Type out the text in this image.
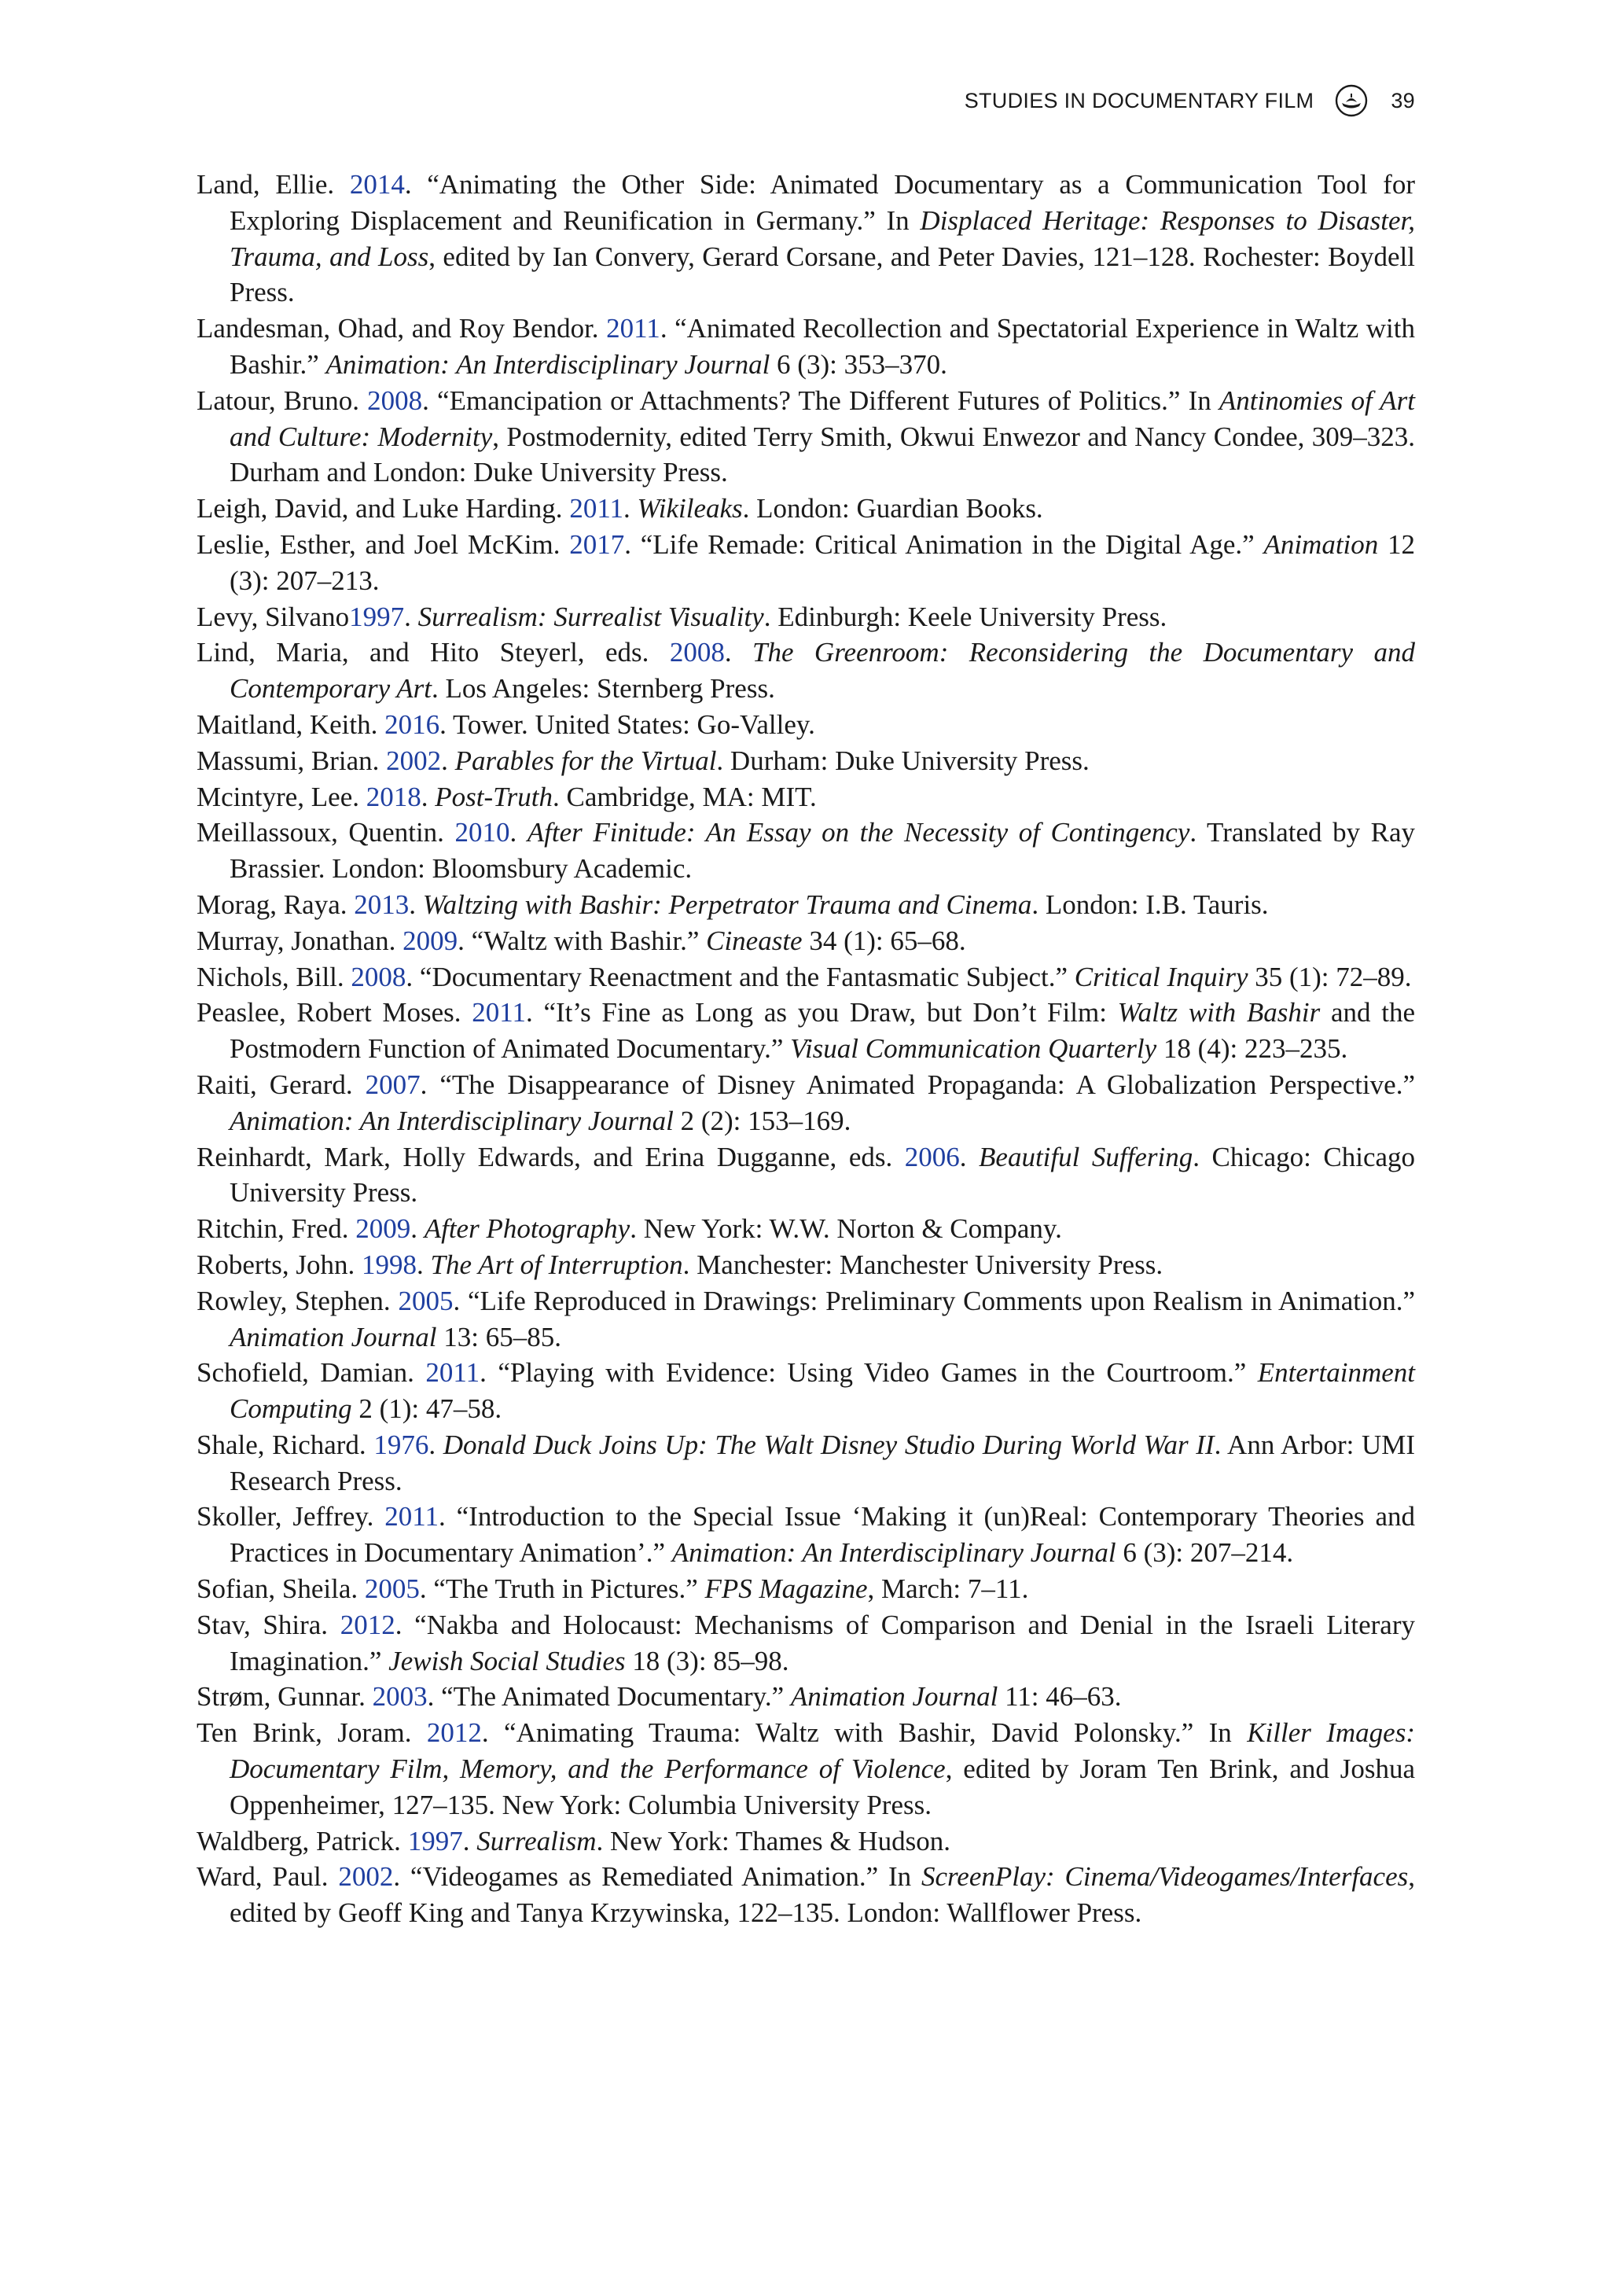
STUDIES IN DOCUMENTARY FILM	39
Land, Ellie. 2014. “Animating the Other Side: Animated Documentary as a Communication Tool for Exploring Displacement and Reunification in Germany.” In Displaced Heritage: Responses to Disaster, Trauma, and Loss, edited by Ian Convery, Gerard Corsane, and Peter Davies, 121–128. Rochester: Boydell Press.
Landesman, Ohad, and Roy Bendor. 2011. “Animated Recollection and Spectatorial Experience in Waltz with Bashir.” Animation: An Interdisciplinary Journal 6 (3): 353–370.
Latour, Bruno. 2008. “Emancipation or Attachments? The Different Futures of Politics.” In Antinomies of Art and Culture: Modernity, Postmodernity, edited Terry Smith, Okwui Enwezor and Nancy Condee, 309–323. Durham and London: Duke University Press.
Leigh, David, and Luke Harding. 2011. Wikileaks. London: Guardian Books.
Leslie, Esther, and Joel McKim. 2017. “Life Remade: Critical Animation in the Digital Age.” Animation 12 (3): 207–213.
Levy, Silvano1997. Surrealism: Surrealist Visuality. Edinburgh: Keele University Press.
Lind, Maria, and Hito Steyerl, eds. 2008. The Greenroom: Reconsidering the Documentary and Contemporary Art. Los Angeles: Sternberg Press.
Maitland, Keith. 2016. Tower. United States: Go-Valley.
Massumi, Brian. 2002. Parables for the Virtual. Durham: Duke University Press.
Mcintyre, Lee. 2018. Post-Truth. Cambridge, MA: MIT.
Meillassoux, Quentin. 2010. After Finitude: An Essay on the Necessity of Contingency. Translated by Ray Brassier. London: Bloomsbury Academic.
Morag, Raya. 2013. Waltzing with Bashir: Perpetrator Trauma and Cinema. London: I.B. Tauris.
Murray, Jonathan. 2009. “Waltz with Bashir.” Cineaste 34 (1): 65–68.
Nichols, Bill. 2008. “Documentary Reenactment and the Fantasmatic Subject.” Critical Inquiry 35 (1): 72–89.
Peaslee, Robert Moses. 2011. “It’s Fine as Long as you Draw, but Don’t Film: Waltz with Bashir and the Postmodern Function of Animated Documentary.” Visual Communication Quarterly 18 (4): 223–235.
Raiti, Gerard. 2007. “The Disappearance of Disney Animated Propaganda: A Globalization Perspective.” Animation: An Interdisciplinary Journal 2 (2): 153–169.
Reinhardt, Mark, Holly Edwards, and Erina Dugganne, eds. 2006. Beautiful Suffering. Chicago: Chicago University Press.
Ritchin, Fred. 2009. After Photography. New York: W.W. Norton & Company.
Roberts, John. 1998. The Art of Interruption. Manchester: Manchester University Press.
Rowley, Stephen. 2005. “Life Reproduced in Drawings: Preliminary Comments upon Realism in Animation.” Animation Journal 13: 65–85.
Schofield, Damian. 2011. “Playing with Evidence: Using Video Games in the Courtroom.” Entertainment Computing 2 (1): 47–58.
Shale, Richard. 1976. Donald Duck Joins Up: The Walt Disney Studio During World War II. Ann Arbor: UMI Research Press.
Skoller, Jeffrey. 2011. “Introduction to the Special Issue ‘Making it (un)Real: Contemporary Theories and Practices in Documentary Animation’.” Animation: An Interdisciplinary Journal 6 (3): 207–214.
Sofian, Sheila. 2005. “The Truth in Pictures.” FPS Magazine, March: 7–11.
Stav, Shira. 2012. “Nakba and Holocaust: Mechanisms of Comparison and Denial in the Israeli Literary Imagination.” Jewish Social Studies 18 (3): 85–98.
Strøm, Gunnar. 2003. “The Animated Documentary.” Animation Journal 11: 46–63.
Ten Brink, Joram. 2012. “Animating Trauma: Waltz with Bashir, David Polonsky.” In Killer Images: Documentary Film, Memory, and the Performance of Violence, edited by Joram Ten Brink, and Joshua Oppenheimer, 127–135. New York: Columbia University Press.
Waldberg, Patrick. 1997. Surrealism. New York: Thames & Hudson.
Ward, Paul. 2002. “Videogames as Remediated Animation.” In ScreenPlay: Cinema/Videogames/Interfaces, edited by Geoff King and Tanya Krzywinska, 122–135. London: Wallflower Press.
